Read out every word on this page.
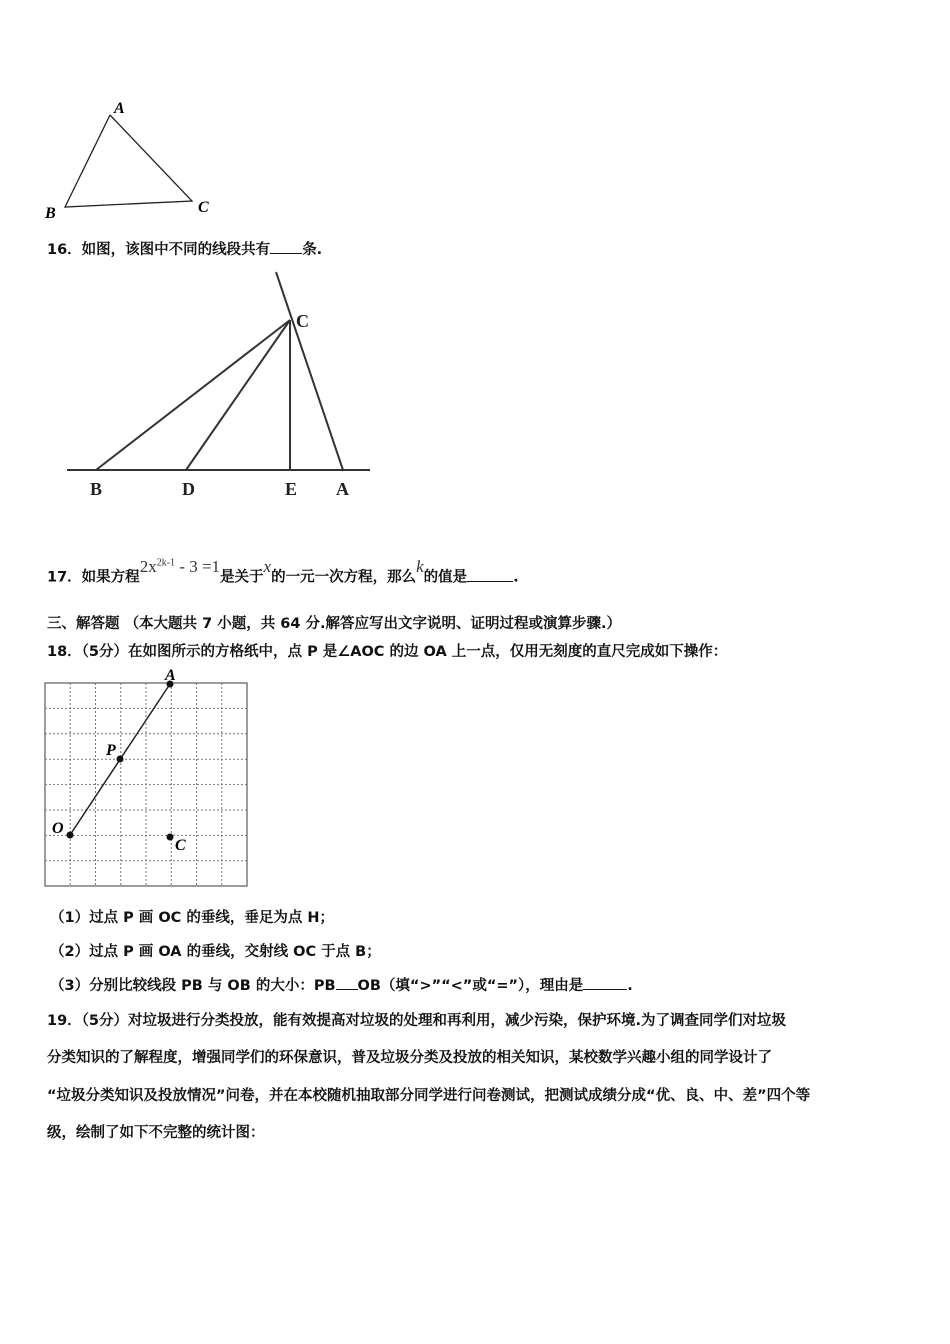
A
B	C
C
B	D	E A
A
P
O
C
16．如图，该图中不同的线段共有 条.
17．如果方程$2x^{2k-1} - 3 =1$是关于x的一元一次方程，那么k的值是	.
三、解答题 （本大题共 7 小题，共 64 分.解答应写出文字说明、证明过程或演算步骤.）
18．（5分）在如图所示的方格纸中，点 P 是∠AOC 的边 OA 上一点，仅用无刻度的直尺完成如下操作：
（1）过点 P 画 OC 的垂线，垂足为点 H；
（2）过点 P 画 OA 的垂线，交射线 OC 于点 B；
（3）分别比较线段 PB 与 OB 的大小：PB OB（填“>”“<”或“=”），理由是	.
19．（5分）对垃圾进行分类投放，能有效提高对垃圾的处理和再利用，减少污染，保护环境.为了调查同学们对垃圾
分类知识的了解程度，增强同学们的环保意识，普及垃圾分类及投放的相关知识，某校数学兴趣小组的同学设计了
“垃圾分类知识及投放情况”问卷，并在本校随机抽取部分同学进行问卷测试，把测试成绩分成“优、良、中、差”四个等
级，绘制了如下不完整的统计图：
